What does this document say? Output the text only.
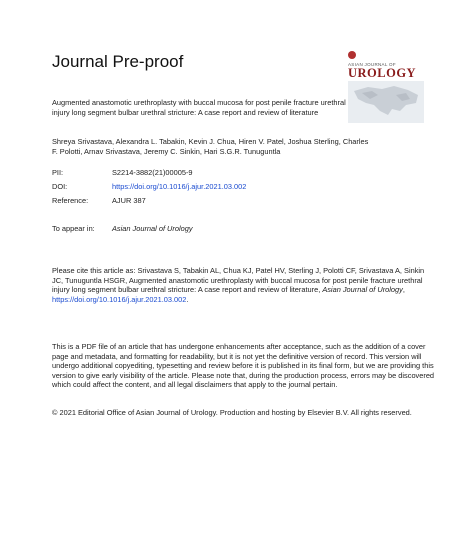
Journal Pre-proof	ASIAN JOURNAL OF
UROLOGY
Augmented anastomotic urethroplasty with buccal mucosa for post penile fracture urethral injury long segment bulbar urethral stricture: A case report and review of literature
Shreya Srivastava, Alexandra L. Tabakin, Kevin J. Chua, Hiren V. Patel, Joshua Sterling, Charles F. Polotti, Arnav Srivastava, Jeremy C. Sinkin, Hari S.G.R. Tunuguntla
PII:	S2214-3882(21)00005-9
DOI:	https://doi.org/10.1016/j.ajur.2021.03.002
Reference:	AJUR 387
To appear in:	Asian Journal of Urology
Please cite this article as: Srivastava S, Tabakin AL, Chua KJ, Patel HV, Sterling J, Polotti CF, Srivastava A, Sinkin JC, Tunuguntla HSGR, Augmented anastomotic urethroplasty with buccal mucosa for post penile fracture urethral injury long segment bulbar urethral stricture: A case report and review of literature, Asian Journal of Urology, https://doi.org/10.1016/j.ajur.2021.03.002.
This is a PDF file of an article that has undergone enhancements after acceptance, such as the addition of a cover page and metadata, and formatting for readability, but it is not yet the definitive version of record. This version will undergo additional copyediting, typesetting and review before it is published in its final form, but we are providing this version to give early visibility of the article. Please note that, during the production process, errors may be discovered which could affect the content, and all legal disclaimers that apply to the journal pertain.
© 2021 Editorial Office of Asian Journal of Urology. Production and hosting by Elsevier B.V. All rights reserved.
